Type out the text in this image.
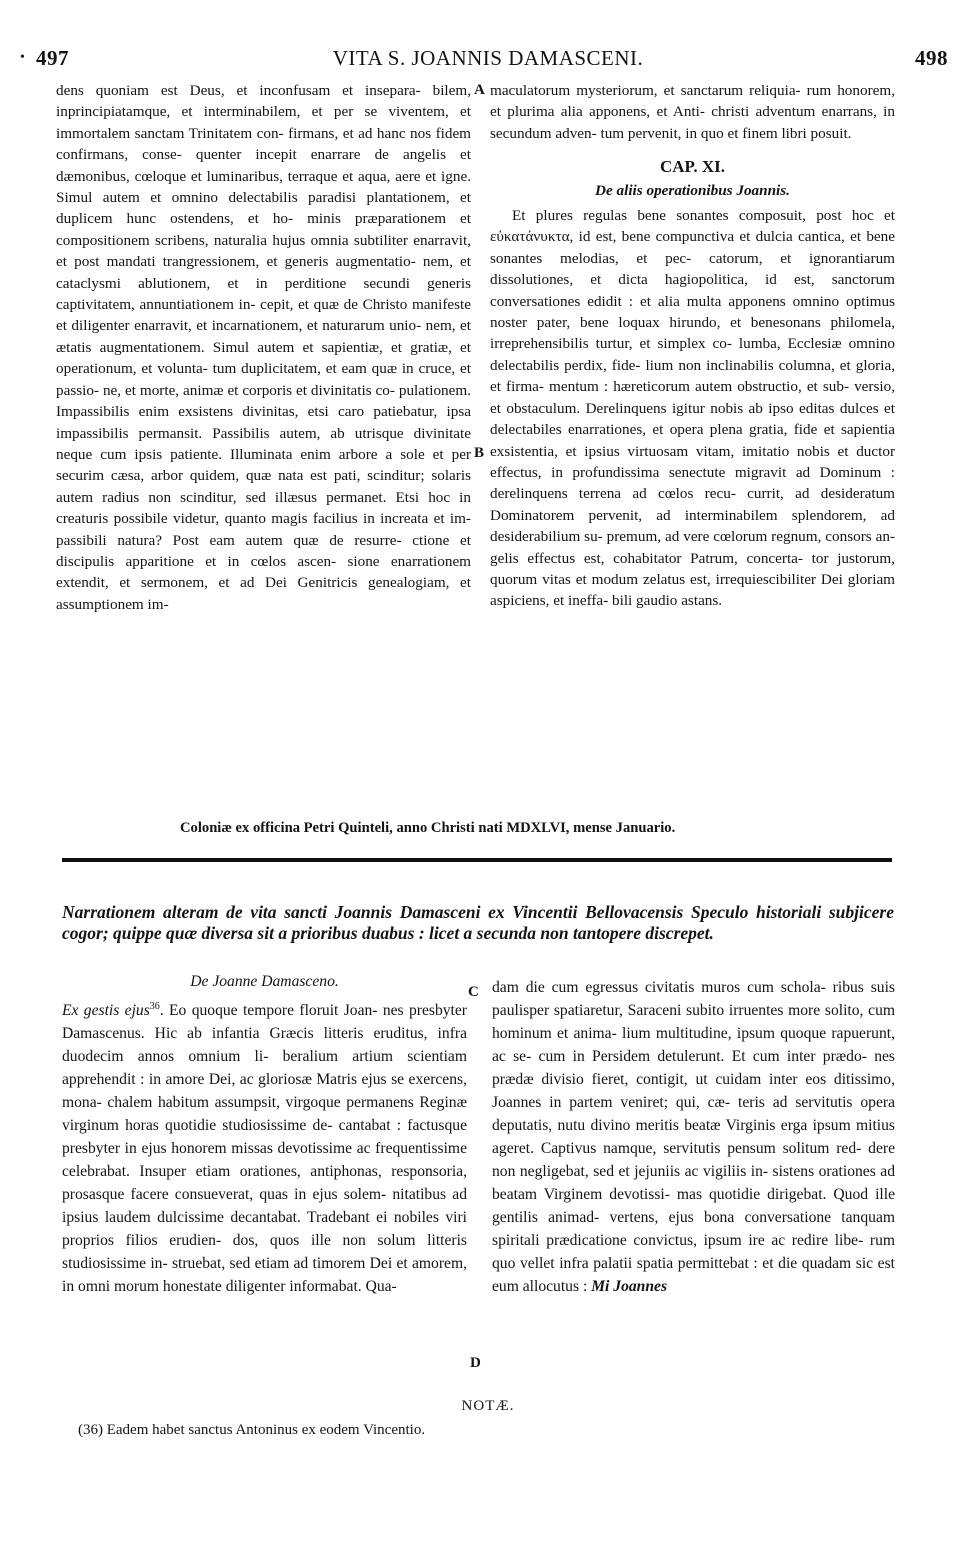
• 497	VITA S. JOANNIS DAMASCENI.	498

dens quoniam est Deus, et inconfusam et insepara- bilem, inprincipiatamque, et interminabilem, et per se viventem, et immortalem sanctam Trinitatem con- firmans, et ad hanc nos fidem confirmans, conse- quenter incepit enarrare de angelis et dæmonibus, cœloque et luminaribus, terraque et aqua, aere et igne. Simul autem et omnino delectabilis paradisi plantationem, et duplicem hunc ostendens, et ho- minis præparationem et compositionem scribens, naturalia hujus omnia subtiliter enarravit, et post mandati trangressionem, et generis augmentatio- nem, et cataclysmi ablutionem, et in perditione secundi generis captivitatem, annuntiationem in- cepit, et quæ de Christo manifeste et diligenter enarravit, et incarnationem, et naturarum unio- nem, et ætatis augmentationem. Simul autem et sapientiæ, et gratiæ, et operationum, et volunta- tum duplicitatem, et eam quæ in cruce, et passio- ne, et morte, animæ et corporis et divinitatis co- pulationem. Impassibilis enim exsistens divinitas, etsi caro patiebatur, ipsa impassibilis permansit. Passibilis autem, ab utrisque divinitate neque cum ipsis patiente. Illuminata enim arbore a sole et per securim cæsa, arbor quidem, quæ nata est pati, scinditur; solaris autem radius non scinditur, sed illæsus permanet. Etsi hoc in creaturis possibile videtur, quanto magis facilius in increata et im- passibili natura? Post eam autem quæ de resurre- ctione et discipulis apparitione et in cœlos ascen- sione enarrationem extendit, et sermonem, et ad Dei Genitricis genealogiam, et assumptionem im-

A
B

maculatorum mysteriorum, et sanctarum reliquia- rum honorem, et plurima alia apponens, et Anti- christi adventum enarrans, in secundum adven- tum pervenit, in quo et finem libri posuit.

CAP. XI.
De aliis operationibus Joannis.

Et plures regulas bene sonantes composuit, post hoc et εὐκατάνυκτα, id est, bene compunctiva et dulcia cantica, et bene sonantes melodias, et pec- catorum, et ignorantiarum dissolutiones, et dicta hagiopolitica, id est, sanctorum conversationes edidit : et alia multa apponens omnino optimus noster pater, bene loquax hirundo, et benesonans philomela, irreprehensibilis turtur, et simplex co- lumba, Ecclesiæ omnino delectabilis perdix, fide- lium non inclinabilis columna, et gloria, et firma- mentum : hæreticorum autem obstructio, et sub- versio, et obstaculum. Derelinquens igitur nobis ab ipso editas dulces et delectabiles enarrationes, et opera plena gratia, fide et sapientia exsistentia, et ipsius virtuosam vitam, imitatio nobis et ductor effectus, in profundissima senectute migravit ad Dominum : derelinquens terrena ad cœlos recu- currit, ad desideratum Dominatorem pervenit, ad interminabilem splendorem, ad desiderabilium su- premum, ad vere cœlorum regnum, consors an- gelis effectus est, cohabitator Patrum, concerta- tor justorum, quorum vitas et modum zelatus est, irrequiescibiliter Dei gloriam aspiciens, et ineffa- bili gaudio astans.

Coloniæ ex officina Petri Quinteli, anno Christi nati MDXLVI, mense Januario.
Narrationem alteram de vita sancti Joannis Damasceni ex Vincentii Bellovacensis Speculo historiali subjicere cogor; quippe quæ diversa sit a prioribus duabus : licet a secunda non tantopere discrepet.
C
D
De Joanne Damasceno.

Ex gestis ejus$^{36}$. Eo quoque tempore floruit Joan- nes presbyter Damascenus. Hic ab infantia Græcis litteris eruditus, infra duodecim annos omnium li- beralium artium scientiam apprehendit : in amore Dei, ac gloriosæ Matris ejus se exercens, mona- chalem habitum assumpsit, virgoque permanens Reginæ virginum horas quotidie studiosissime de- cantabat : factusque presbyter in ejus honorem missas devotissime ac frequentissime celebrabat. Insuper etiam orationes, antiphonas, responsoria, prosasque facere consueverat, quas in ejus solem- nitatibus ad ipsius laudem dulcissime decantabat. Tradebant ei nobiles viri proprios filios erudien- dos, quos ille non solum litteris studiosissime in- struebat, sed etiam ad timorem Dei et amorem, in omni morum honestate diligenter informabat. Qua-

dam die cum egressus civitatis muros cum schola- ribus suis paulisper spatiaretur, Saraceni subito irruentes more solito, cum hominum et anima- lium multitudine, ipsum quoque rapuerunt, ac se- cum in Persidem detulerunt. Et cum inter prædo- nes prædæ divisio fieret, contigit, ut cuidam inter eos ditissimo, Joannes in partem veniret; qui, cæ- teris ad servitutis opera deputatis, nutu divino meritis beatæ Virginis erga ipsum mitius ageret. Captivus namque, servitutis pensum solitum red- dere non negligebat, sed et jejuniis ac vigiliis in- sistens orationes ad beatam Virginem devotissi- mas quotidie dirigebat. Quod ille gentilis animad- vertens, ejus bona conversatione tanquam spiritali prædicatione convictus, ipsum ire ac redire libe- rum quo vellet infra palatii spatia permittebat : et die quadam sic est eum allocutus : Mi Joannes

NOTÆ.
(36) Eadem habet sanctus Antoninus ex eodem Vincentio.
